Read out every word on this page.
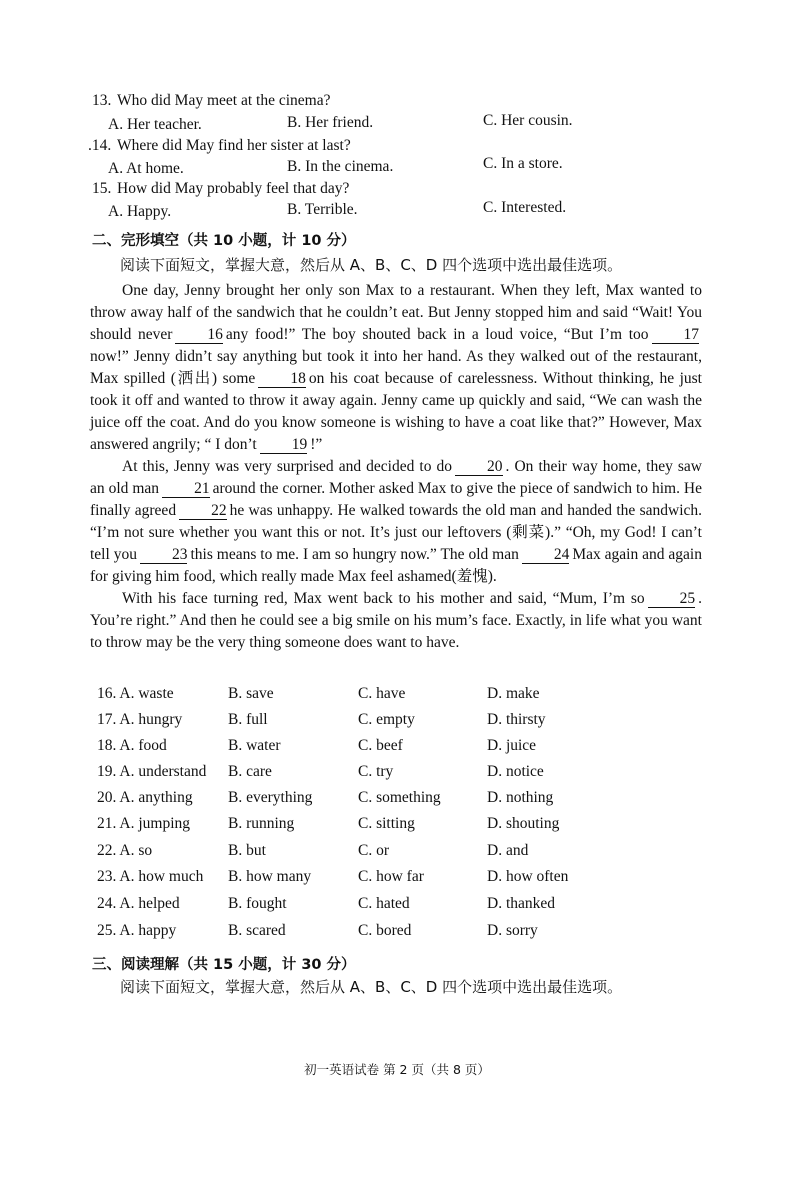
13. Who did May meet at the cinema?
A. Her teacher.	B. Her friend.	C. Her cousin.
.14. Where did May find her sister at last?
A. At home.	B. In the cinema.	C. In a store.
15. How did May probably feel that day?
A. Happy.	B. Terrible.	C. Interested.
二、完形填空（共 10 小题，计 10 分）
阅读下面短文，掌握大意，然后从 A、B、C、D 四个选项中选出最佳选项。

One day, Jenny brought her only son Max to a restaurant. When they left, Max wanted to throw away half of the sandwich that he couldn’t eat. But Jenny stopped him and said “Wait! You should never 16 any food!” The boy shouted back in a loud voice, “But I’m too 17now!” Jenny didn’t say anything but took it into her hand. As they walked out of the restaurant, Max spilled (洒出) some 18 on his coat because of carelessness. Without thinking, he just took it off and wanted to throw it away again. Jenny came up quickly and said, “We can wash the juice off the coat. And do you know someone is wishing to have a coat like that?” However, Max answered angrily; “ I don’t 19 !”

At this, Jenny was very surprised and decided to do 20 . On their way home, they saw an old man 21 around the corner. Mother asked Max to give the piece of sandwich to him. He finally agreed 22 he was unhappy. He walked towards the old man and handed the sandwich. “I’m not sure whether you want this or not. It’s just our leftovers (剩菜).” “Oh, my God! I can’t tell you 23 this means to me. I am so hungry now.” The old man 24 Max again and again for giving him food, which really made Max feel ashamed(羞愧).

With his face turning red, Max went back to his mother and said, “Mum, I’m so 25 . You’re right.” And then he could see a big smile on his mum’s face. Exactly, in life what you want to throw may be the very thing someone does want to have.

16. A. waste	B. save	C. have	D. make
17. A. hungry	B. full	C. empty	D. thirsty
18. A. food	B. water	C. beef	D. juice
19. A. understand B. care	C. try	D. notice
20. A. anything B. everything	C. something	D. nothing
21. A. jumping B. running	C. sitting	D. shouting
22. A. so	B. but	C. or	D. and
23. A. how much B. how many	C. how far	D. how often
24. A. helped	B. fought	C. hated	D. thanked
25. A. happy	B. scared	C. bored	D. sorry
三、阅读理解（共 15 小题，计 30 分）
阅读下面短文，掌握大意，然后从 A、B、C、D 四个选项中选出最佳选项。
初一英语试卷 第 2 页（共 8 页）
